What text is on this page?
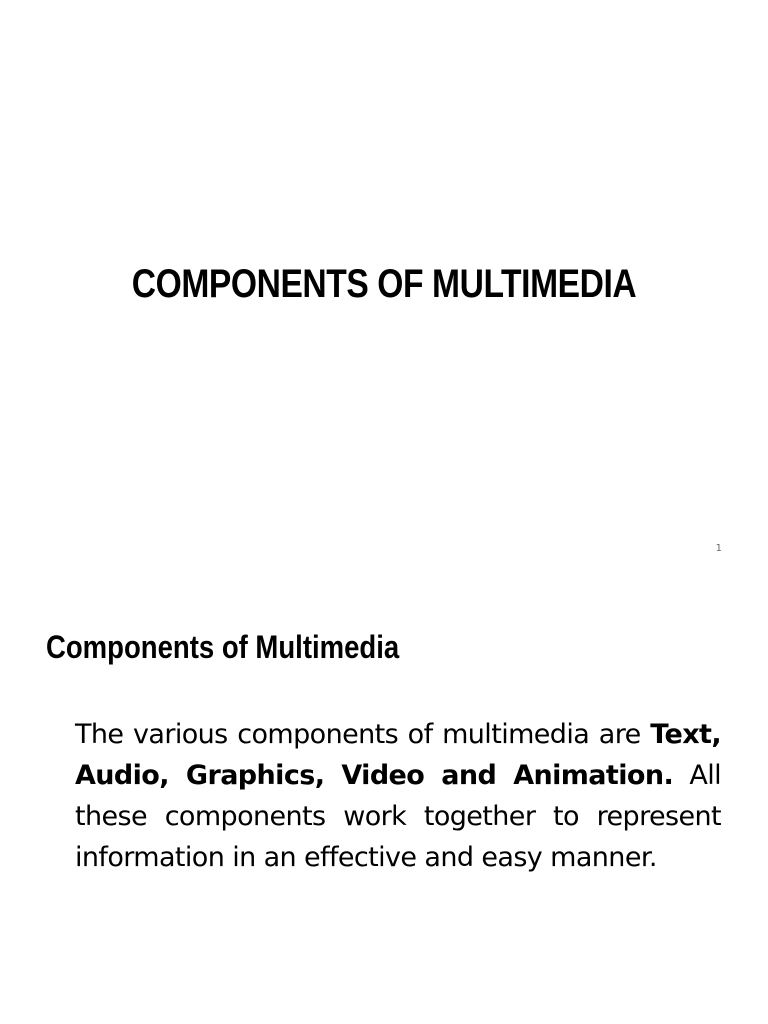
COMPONENTS OF MULTIMEDIA
1
Components of Multimedia
The various components of multimedia are Text, Audio, Graphics, Video and Animation. All these components work together to represent information in an effective and easy manner.
